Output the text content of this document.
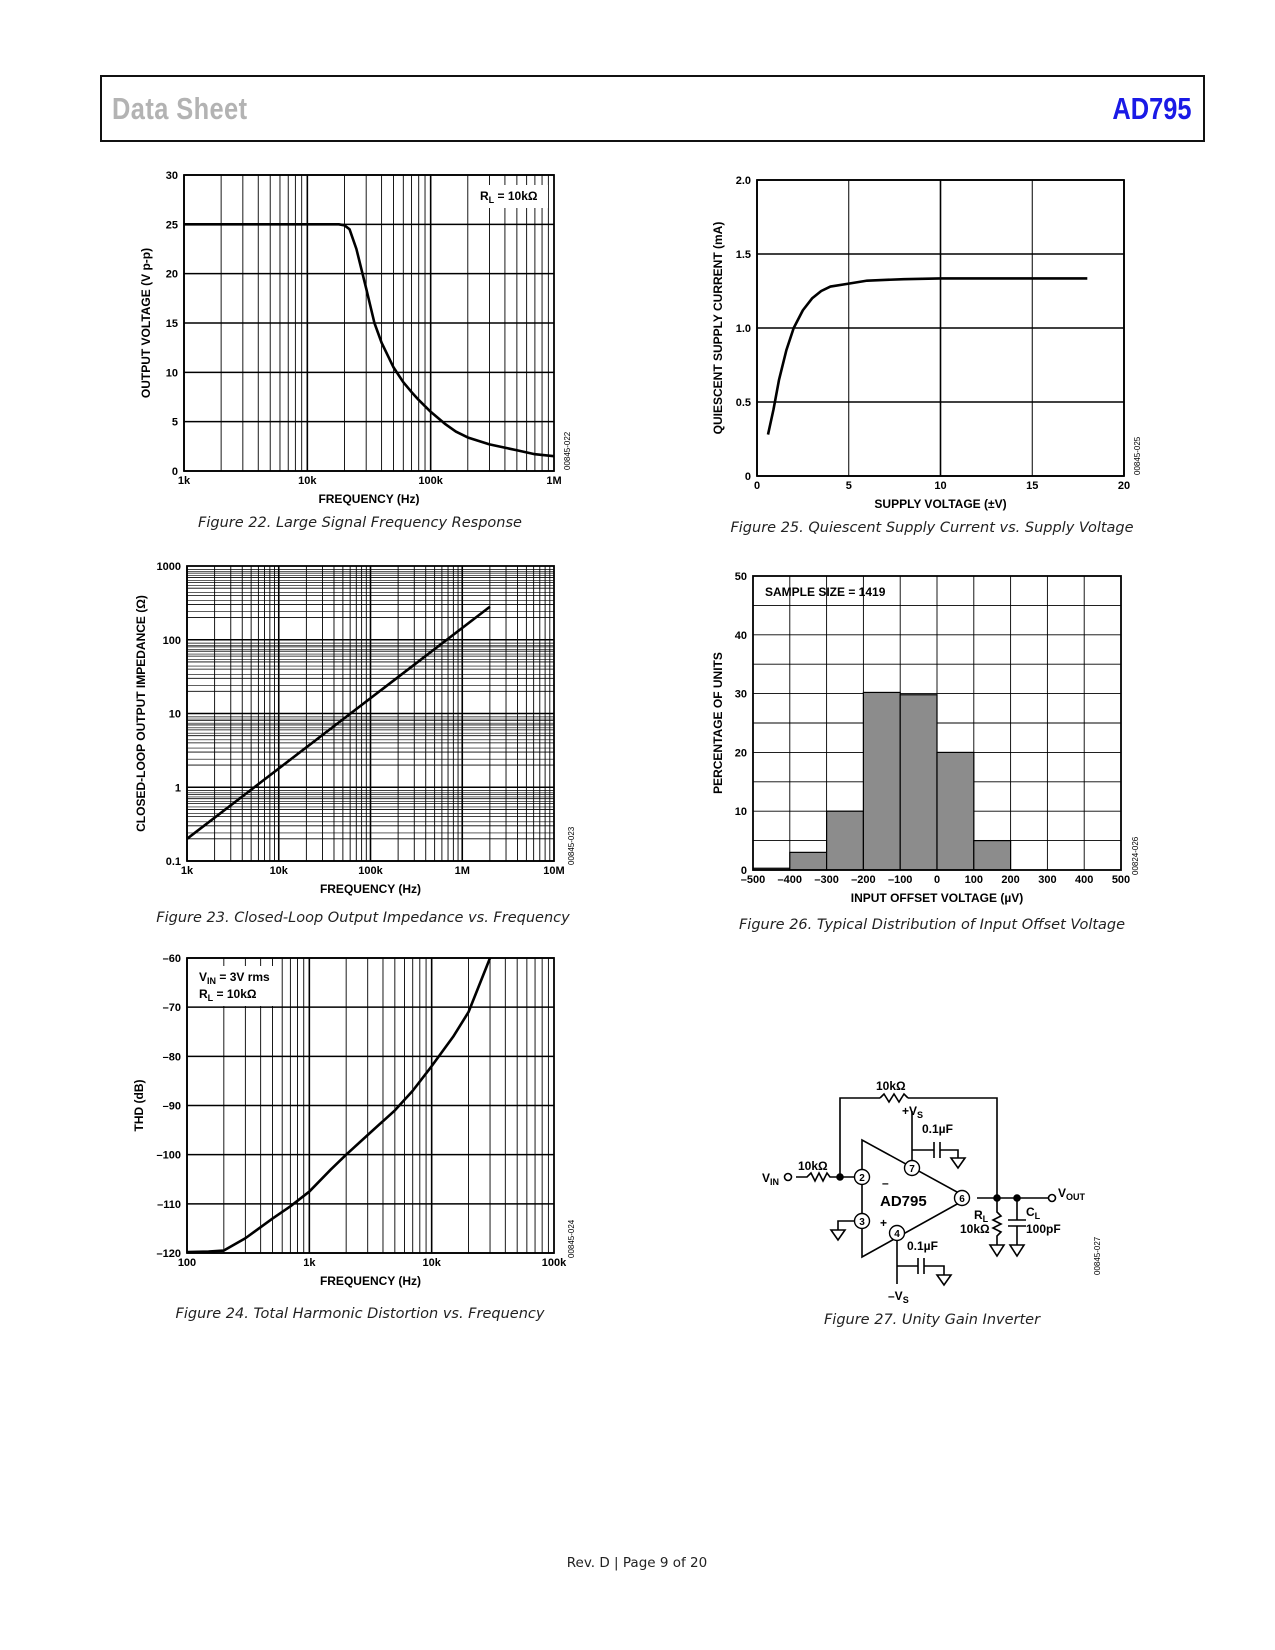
Data Sheet	AD795
1k	10k	100k	1M
0
5
10
15
20
25
30
FREQUENCY (Hz)
OUTPUT VOLTAGE (V p-p)
00845-022
$R_L = 10k\Omega$
0	5	10	15	20
0
0.5
1.0
1.5
2.0
SUPPLY VOLTAGE (±V)
QUIESCENT SUPPLY CURRENT (mA)
00845-025
1k	10k	100k	1M	10M
0.1
1
10
100
1000
FREQUENCY (Hz)
CLOSED-LOOP OUTPUT IMPEDANCE (Ω)
00845-023
–500 –400 –300 –200 –100 0 100 200 300 400 500
0
10
20
30
40
50
INPUT OFFSET VOLTAGE (µV)
PERCENTAGE OF UNITS
00824-026
SAMPLE SIZE = 1419
100	1k	10k	100k
–60
–70
–80
–90
–100
–110
–120
FREQUENCY (Hz)
THD (dB)
00845-024
$V_{IN} = 3V$ rms
$R_L = 10k\Omega$
Figure 22. Large Signal Frequency Response	Figure 25. Quiescent Supply Current vs. Supply Voltage
Figure 23. Closed-Loop Output Impedance vs. Frequency	Figure 26. Typical Distribution of Input Offset Voltage
Figure 24. Total Harmonic Distortion vs. Frequency	Figure 27. Unity Gain Inverter
2
3
7
4
6
–
+
AD795
10kΩ
10kΩ
$V_{IN}$
$V_{OUT}$
$+V_S$
0.1µF
0.1µF
$-V_S$
$R_L$
10kΩ
$C_L$
100pF
00845-027
Rev. D | Page 9 of 20
